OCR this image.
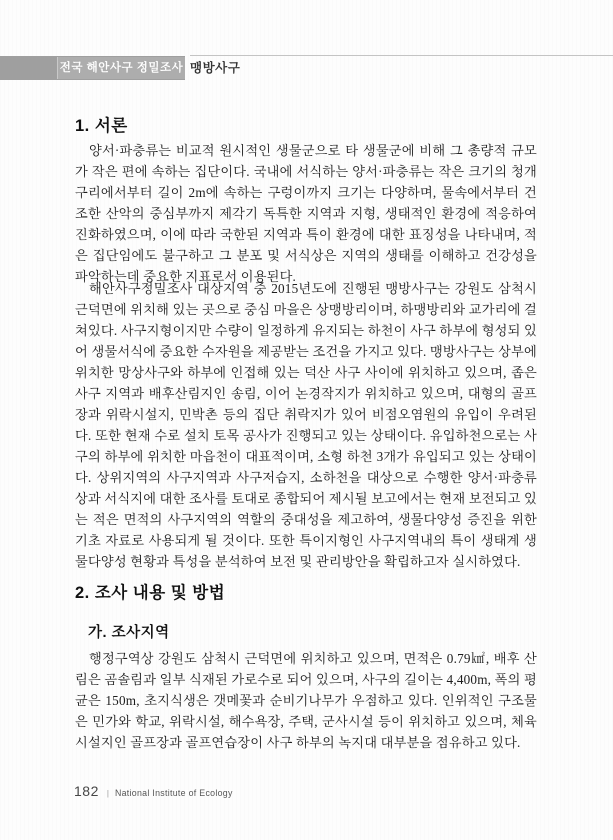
전국 해안사구 정밀조사 맹방사구
1. 서론

양서·파충류는 비교적 원시적인 생물군으로 타 생물군에 비해 그 총량적 규모가 작은 편에 속하는 집단이다. 국내에 서식하는 양서·파충류는 작은 크기의 청개구리에서부터 길이 2m에 속하는 구렁이까지 크기는 다양하며, 물속에서부터 건조한 산악의 중심부까지 제각기 독특한 지역과 지형, 생태적인 환경에 적응하여 진화하였으며, 이에 따라 국한된 지역과 특이 환경에 대한 표징성을 나타내며, 적은 집단임에도 불구하고 그 분포 및 서식상은 지역의 생태를 이해하고 건강성을 파악하는데 중요한 지표로서 이용된다.

해안사구정밀조사 대상지역 중 2015년도에 진행된 맹방사구는 강원도 삼척시 근덕면에 위치해 있는 곳으로 중심 마을은 상맹방리이며, 하맹방리와 교가리에 걸쳐있다. 사구지형이지만 수량이 일정하게 유지되는 하천이 사구 하부에 형성되 있어 생물서식에 중요한 수자원을 제공받는 조건을 가지고 있다. 맹방사구는 상부에 위치한 망상사구와 하부에 인접해 있는 덕산 사구 사이에 위치하고 있으며, 좁은 사구 지역과 배후산림지인 송림, 이어 논경작지가 위치하고 있으며, 대형의 골프장과 위락시설지, 민박촌 등의 집단 취락지가 있어 비점오염원의 유입이 우려된다. 또한 현재 수로 설치 토목 공사가 진행되고 있는 상태이다. 유입하천으로는 사구의 하부에 위치한 마읍천이 대표적이며, 소형 하천 3개가 유입되고 있는 상태이다. 상위지역의 사구지역과 사구저습지, 소하천을 대상으로 수행한 양서·파충류상과 서식지에 대한 조사를 토대로 종합되어 제시될 보고에서는 현재 보전되고 있는 적은 면적의 사구지역의 역할의 중대성을 제고하여, 생물다양성 증진을 위한 기초 자료로 사용되게 될 것이다. 또한 특이지형인 사구지역내의 특이 생태계 생물다양성 현황과 특성을 분석하여 보전 및 관리방안을 확립하고자 실시하였다.

2. 조사 내용 및 방법
가. 조사지역

행정구역상 강원도 삼척시 근덕면에 위치하고 있으며, 면적은 0.79㎢, 배후 산림은 곰솔림과 일부 식재된 가로수로 되어 있으며, 사구의 길이는 4,400m, 폭의 평균은 150m, 초지식생은 갯메꽃과 순비기나무가 우점하고 있다. 인위적인 구조물은 민가와 학교, 위락시설, 해수욕장, 주택, 군사시설 등이 위치하고 있으며, 체육시설지인 골프장과 골프연습장이 사구 하부의 녹지대 대부분을 점유하고 있다.

182 | National Institute of Ecology
